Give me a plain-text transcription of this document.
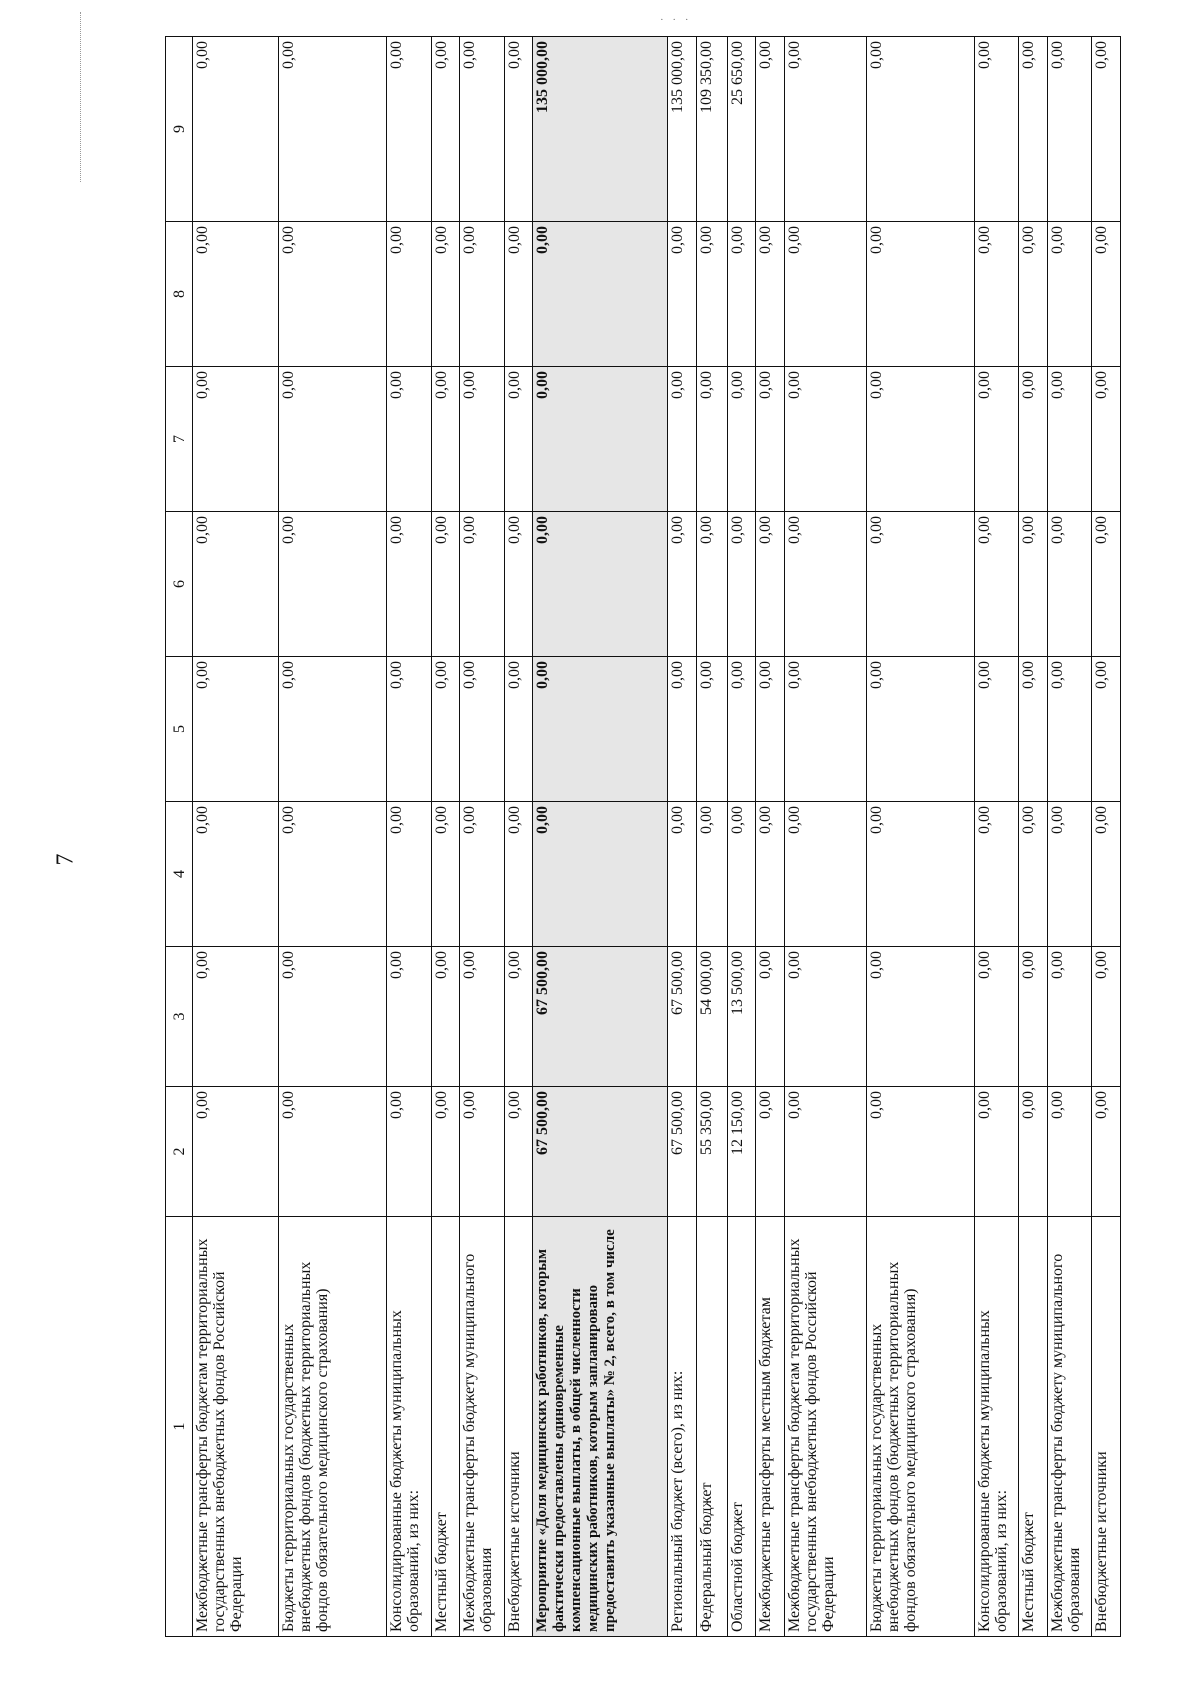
· · ·
7
1	2	3	4	5	6	7	8	9
Межбюджетные трансферты бюджетам территориальных государственных внебюджетных фондов Российской Федерации	0,00	0,00	0,00	0,00	0,00	0,00	0,00	0,00
Бюджеты территориальных государственных внебюджетных фондов (бюджетных территориальных фондов обязательного медицинского страхования)	0,00	0,00	0,00	0,00	0,00	0,00	0,00	0,00
Консолидированные бюджеты муниципальных образований, из них:	0,00	0,00	0,00	0,00	0,00	0,00	0,00	0,00
Местный бюджет	0,00	0,00	0,00	0,00	0,00	0,00	0,00	0,00
Межбюджетные трансферты бюджету муниципального образования	0,00	0,00	0,00	0,00	0,00	0,00	0,00	0,00
Внебюджетные источники	0,00	0,00	0,00	0,00	0,00	0,00	0,00	0,00
Мероприятие «Доля медицинских работников, которым фактически предоставлены единовременные компенсационные выплаты, в общей численности медицинских работников, которым запланировано предоставить указанные выплаты» № 2, всего, в том числе	67 500,00	67 500,00	0,00	0,00	0,00	0,00	0,00	135 000,00
Региональный бюджет (всего), из них:	67 500,00	67 500,00	0,00	0,00	0,00	0,00	0,00	135 000,00
Федеральный бюджет	55 350,00	54 000,00	0,00	0,00	0,00	0,00	0,00	109 350,00
Областной бюджет	12 150,00	13 500,00	0,00	0,00	0,00	0,00	0,00	25 650,00
Межбюджетные трансферты местным бюджетам	0,00	0,00	0,00	0,00	0,00	0,00	0,00	0,00
Межбюджетные трансферты бюджетам территориальных государственных внебюджетных фондов Российской Федерации	0,00	0,00	0,00	0,00	0,00	0,00	0,00	0,00
Бюджеты территориальных государственных внебюджетных фондов (бюджетных территориальных фондов обязательного медицинского страхования)	0,00	0,00	0,00	0,00	0,00	0,00	0,00	0,00
Консолидированные бюджеты муниципальных образований, из них:	0,00	0,00	0,00	0,00	0,00	0,00	0,00	0,00
Местный бюджет	0,00	0,00	0,00	0,00	0,00	0,00	0,00	0,00
Межбюджетные трансферты бюджету муниципального образования	0,00	0,00	0,00	0,00	0,00	0,00	0,00	0,00
Внебюджетные источники	0,00	0,00	0,00	0,00	0,00	0,00	0,00	0,00
